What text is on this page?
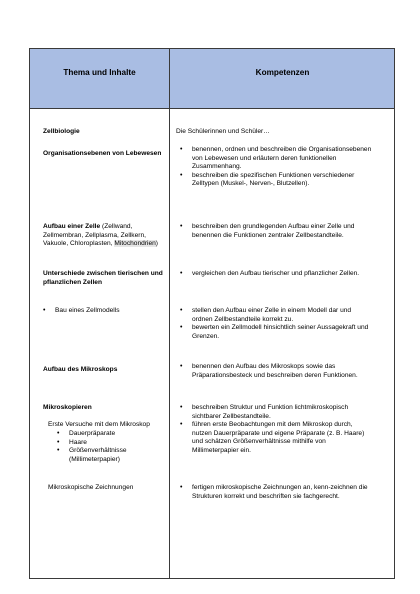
Thema und Inhalte	Kompetenzen
Zellbiologie
Organisationsebenen von Lebewesen
Aufbau einer Zelle (Zellwand, Zellmembran, Zellplasma, Zellkern, Vakuole, Chloroplasten, Mitochondrien)
Unterschiede zwischen tierischen und pflanzlichen Zellen
• Bau eines Zellmodells
Aufbau des Mikroskops
Mikroskopieren
Erste Versuche mit dem Mikroskop
• Dauerpräparate
• Haare
• Größenverhältnisse (Millimeterpapier)
Mikroskopische Zeichnungen
Die Schülerinnen und Schüler…
• benennen, ordnen und beschreiben die Organisationsebenen von Lebewesen und erläutern deren funktionellen Zusammenhang.
• beschreiben die spezifischen Funktionen verschiedener Zelltypen (Muskel-, Nerven-, Blutzellen).
• beschreiben den grundlegenden Aufbau einer Zelle und benennen die Funktionen zentraler Zellbestandteile.
• vergleichen den Aufbau tierischer und pflanzlicher Zellen.
• stellen den Aufbau einer Zelle in einem Modell dar und ordnen Zellbestandteile korrekt zu.
• bewerten ein Zellmodell hinsichtlich seiner Aussagekraft und Grenzen.
• benennen den Aufbau des Mikroskops sowie das Präparationsbesteck und beschreiben deren Funktionen.
• beschreiben Struktur und Funktion lichtmikroskopisch sichtbarer Zellbestandteile.
• führen erste Beobachtungen mit dem Mikroskop durch, nutzen Dauerpräparate und eigene Präparate (z. B. Haare) und schätzen Größenverhältnisse mithilfe von Millimeterpapier ein.
• fertigen mikroskopische Zeichnungen an, kenn-zeichnen die Strukturen korrekt und beschriften sie fachgerecht.
